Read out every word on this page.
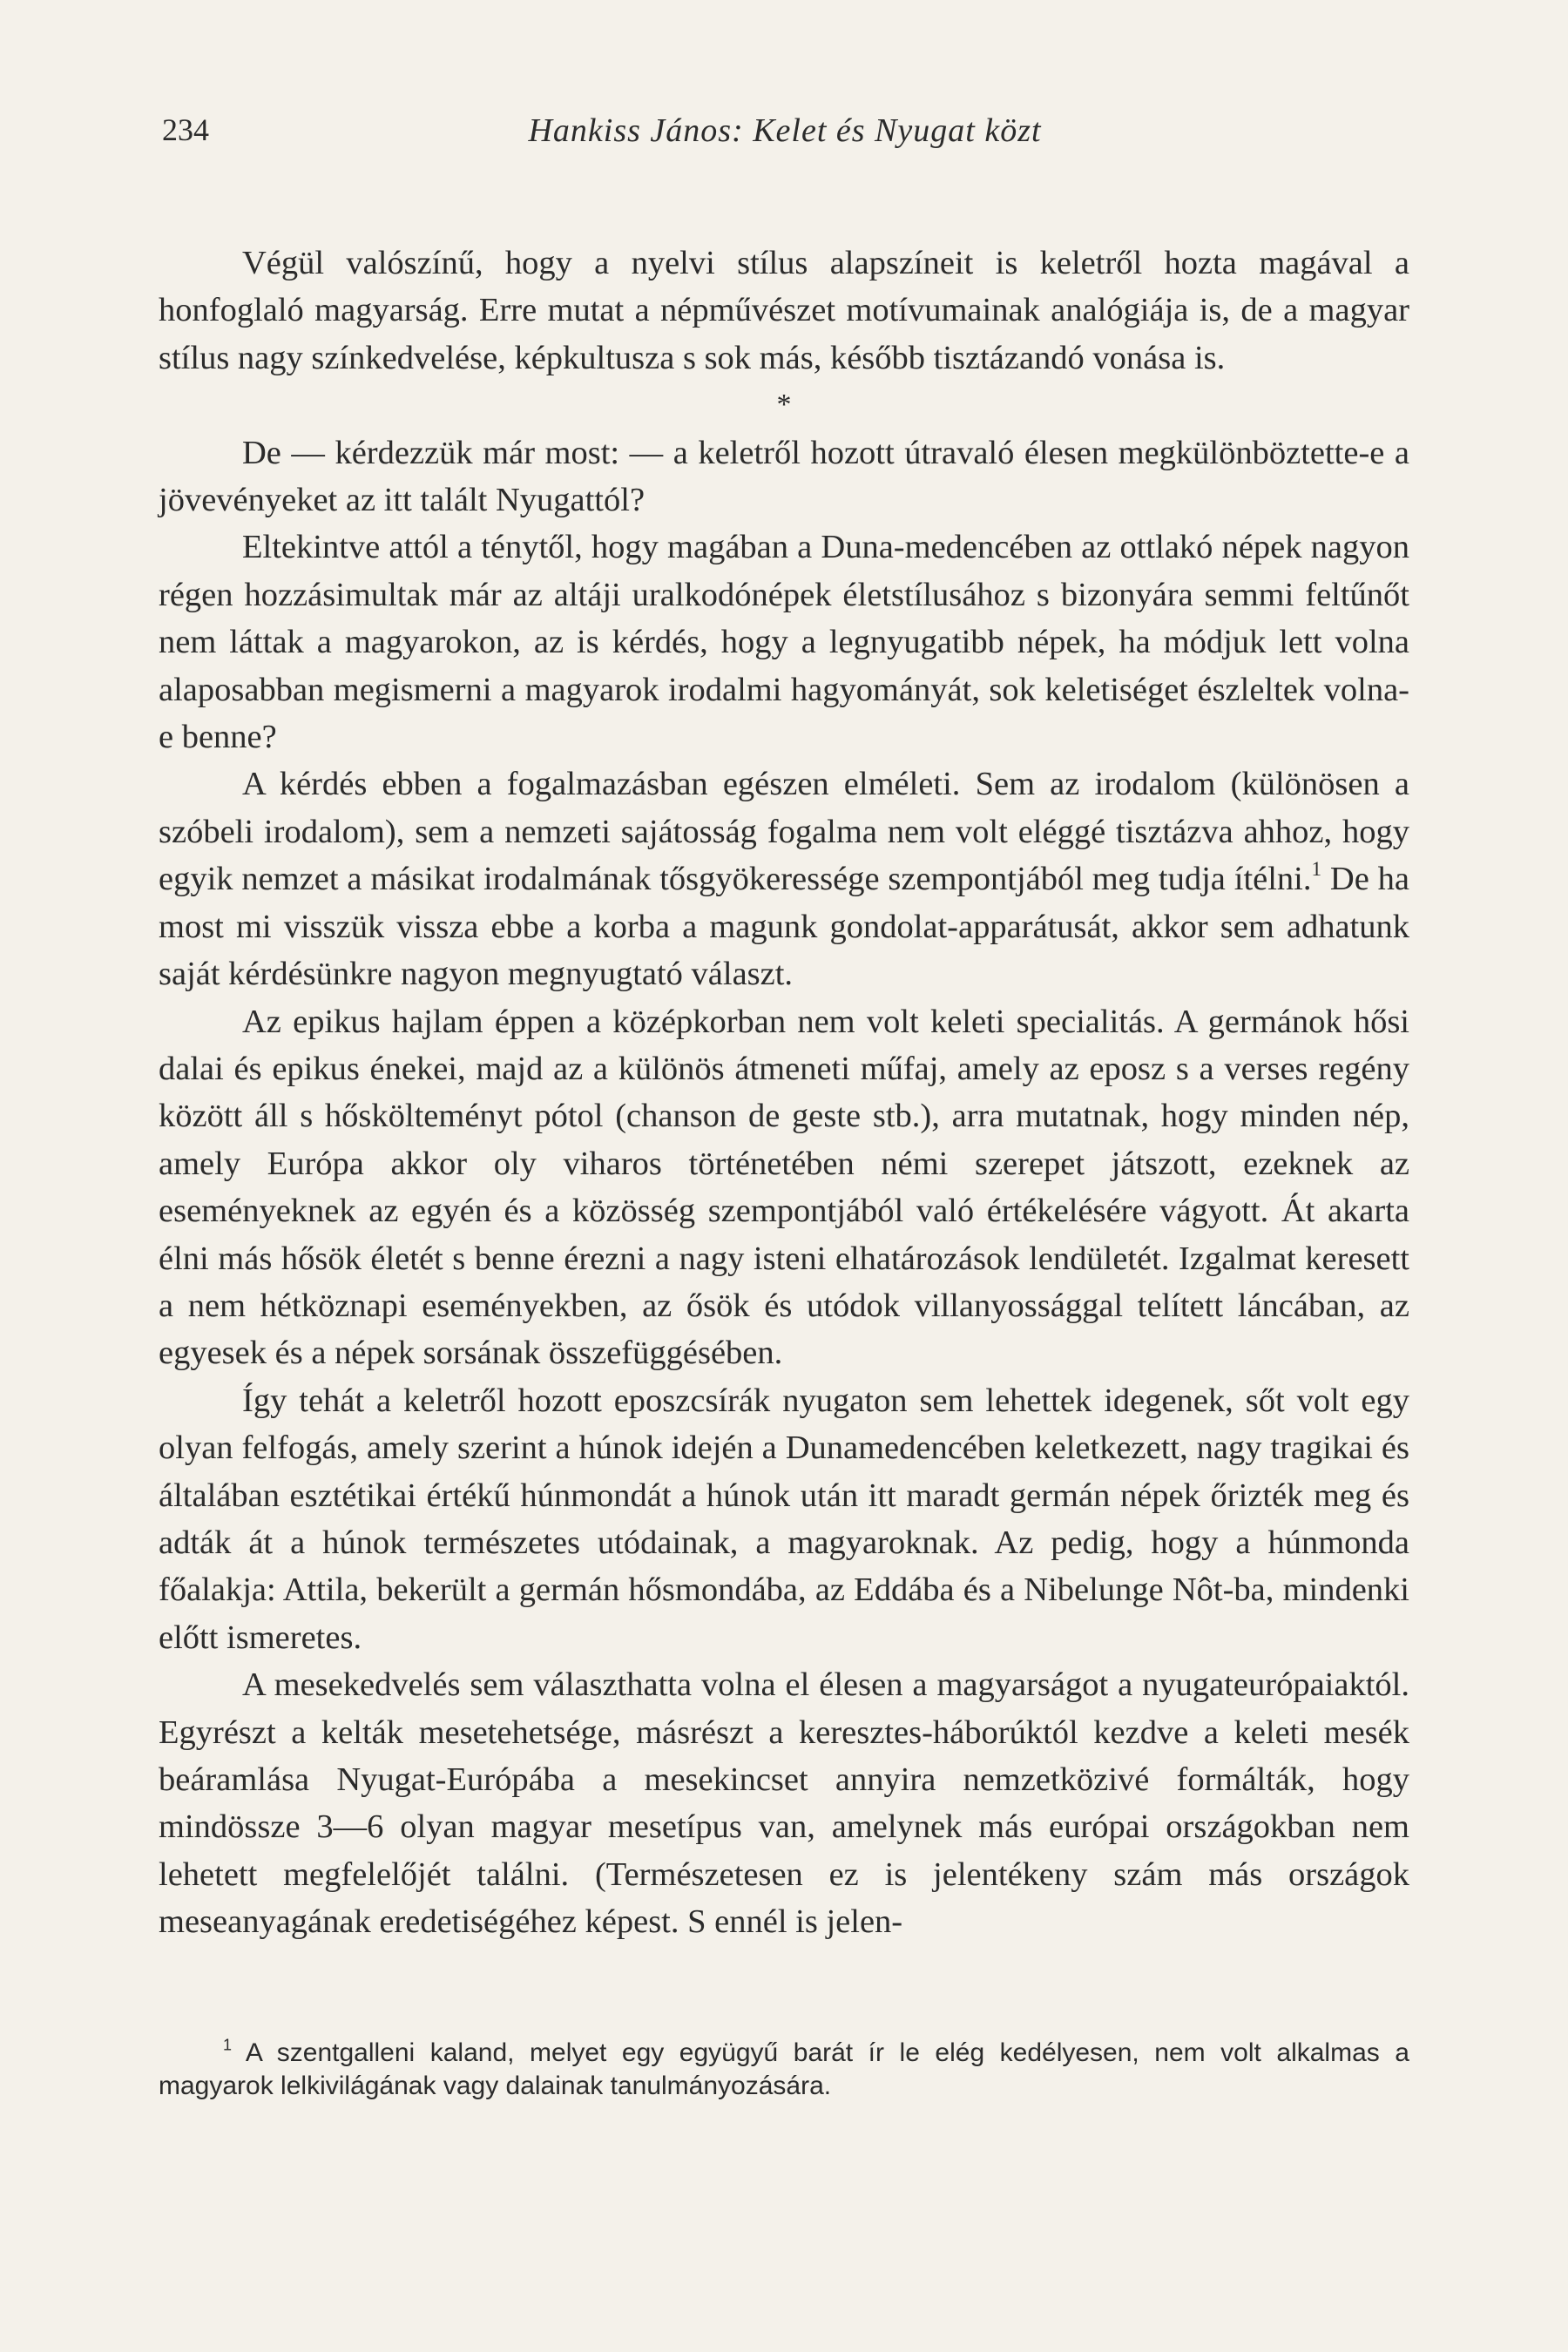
234	Hankiss János: Kelet és Nyugat közt

Végül valószínű, hogy a nyelvi stílus alapszíneit is keletről hozta magával a honfoglaló magyarság. Erre mutat a népművészet motívumainak analógiája is, de a magyar stílus nagy színkedvelése, képkultusza s sok más, később tisztázandó vonása is.

*

De — kérdezzük már most: — a keletről hozott útravaló élesen megkülönböztette-e a jövevényeket az itt talált Nyugattól?

Eltekintve attól a ténytől, hogy magában a Duna-medencében az ottlakó népek nagyon régen hozzásimultak már az altáji uralkodónépek életstílusához s bizonyára semmi feltűnőt nem láttak a magyarokon, az is kérdés, hogy a legnyugatibb népek, ha módjuk lett volna alaposabban megismerni a magyarok irodalmi hagyományát, sok keletiséget észleltek volna-e benne?

A kérdés ebben a fogalmazásban egészen elméleti. Sem az irodalom (különösen a szóbeli irodalom), sem a nemzeti sajátosság fogalma nem volt eléggé tisztázva ahhoz, hogy egyik nemzet a másikat irodalmának tősgyökeressége szempontjából meg tudja ítélni.$^1$ De ha most mi visszük vissza ebbe a korba a magunk gondolat-apparátusát, akkor sem adhatunk saját kérdésünkre nagyon megnyugtató választ.

Az epikus hajlam éppen a középkorban nem volt keleti specialitás. A germánok hősi dalai és epikus énekei, majd az a különös átmeneti műfaj, amely az eposz s a verses regény között áll s hőskölteményt pótol (chanson de geste stb.), arra mutatnak, hogy minden nép, amely Európa akkor oly viharos történetében némi szerepet játszott, ezeknek az eseményeknek az egyén és a közösség szempontjából való értékelésére vágyott. Át akarta élni más hősök életét s benne érezni a nagy isteni elhatározások lendületét. Izgalmat keresett a nem hétköznapi eseményekben, az ősök és utódok villanyossággal telített láncában, az egyesek és a népek sorsának összefüggésében.

Így tehát a keletről hozott eposzcsírák nyugaton sem lehettek idegenek, sőt volt egy olyan felfogás, amely szerint a húnok idején a Dunamedencében keletkezett, nagy tragikai és általában esztétikai értékű húnmondát a húnok után itt maradt germán népek őrizték meg és adták át a húnok természetes utódainak, a magyaroknak. Az pedig, hogy a húnmonda főalakja: Attila, bekerült a germán hősmondába, az Eddába és a Nibelunge Nôt-ba, mindenki előtt ismeretes.

A mesekedvelés sem választhatta volna el élesen a magyarságot a nyugateurópaiaktól. Egyrészt a kelták mesetehetsége, másrészt a keresztes-háborúktól kezdve a keleti mesék beáramlása Nyugat-Európába a mesekincset annyira nemzetközivé formálták, hogy mindössze 3—6 olyan magyar mesetípus van, amelynek más európai országokban nem lehetett megfelelőjét találni. (Természetesen ez is jelentékeny szám más országok meseanyagának eredetiségéhez képest. S ennél is jelen-

$^1$ A szentgalleni kaland, melyet egy együgyű barát ír le elég kedélyesen, nem volt alkalmas a magyarok lelkivilágának vagy dalainak tanulmányozására.
